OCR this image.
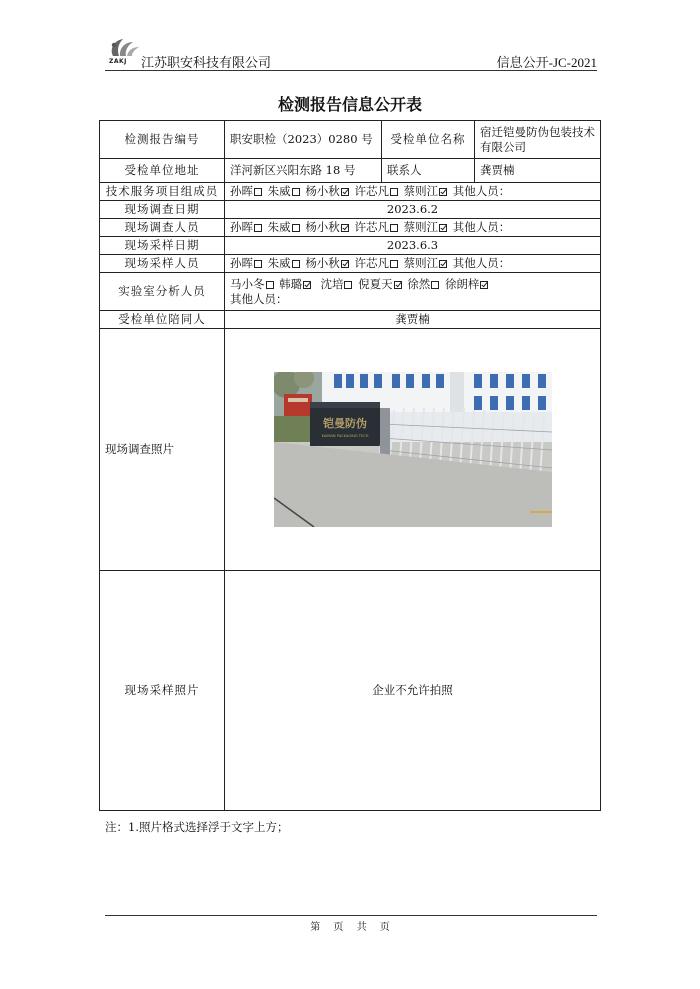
ZAKJ 江苏职安科技有限公司	信息公开-JC-2021
检测报告信息公开表
检测报告编号	职安职检（2023）0280 号	受检单位名称	宿迁铠曼防伪包装技术有限公司
受检单位地址	洋河新区兴阳东路 18 号	联系人	龚贾楠
技术服务项目组成员	孙晖 朱威 杨小秋 许芯凡 蔡则江 其他人员：		
现场调查日期	2023.6.2		
现场调查人员	孙晖 朱威 杨小秋 许芯凡 蔡则江 其他人员：		
现场采样日期	2023.6.3		
现场采样人员	孙晖 朱威 杨小秋 许芯凡 蔡则江 其他人员：		
实验室分析人员	马小冬 韩璐 沈培 倪夏天 徐然 徐朗梓
其他人员：		

受检单位陪同人	龚贾楠		
现场调查照片	铠曼防伪
KAIMAN PACKAGING TECH		

现场采样照片	企业不允许拍照		
注：1.照片格式选择浮于文字上方；
第 页 共 页
